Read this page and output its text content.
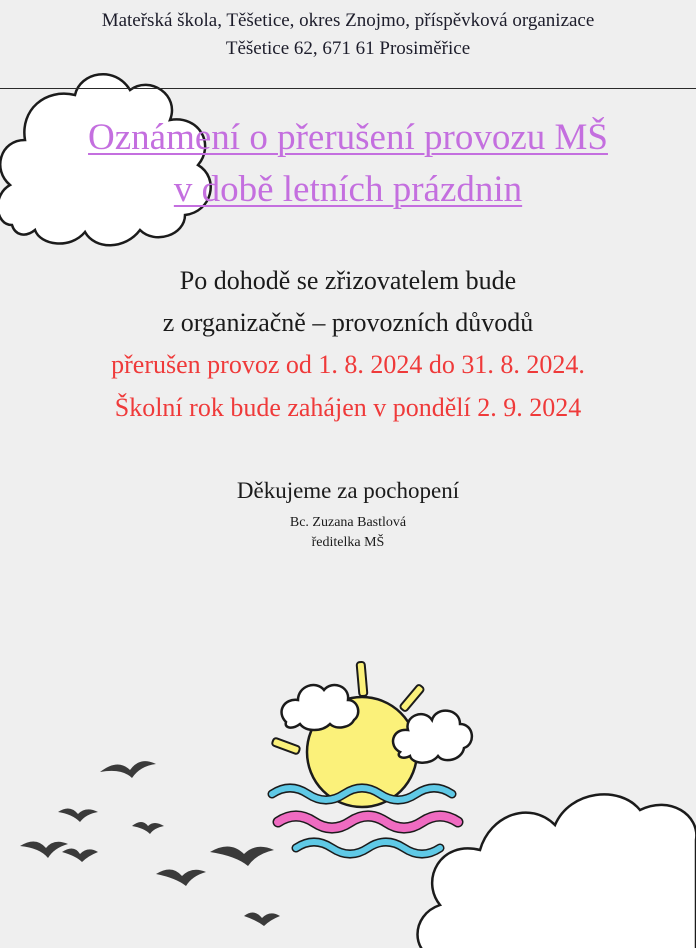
Mateřská škola, Těšetice, okres Znojmo, příspěvková organizace
Těšetice 62, 671 61 Prosiměřice
Oznámení o přerušení provozu MŠ
v době letních prázdnin
Po dohodě se zřizovatelem bude
z organizačně – provozních důvodů
přerušen provoz od 1. 8. 2024 do 31. 8. 2024.
Školní rok bude zahájen v pondělí 2. 9. 2024
Děkujeme za pochopení
Bc. Zuzana Bastlová
ředitelka MŠ
